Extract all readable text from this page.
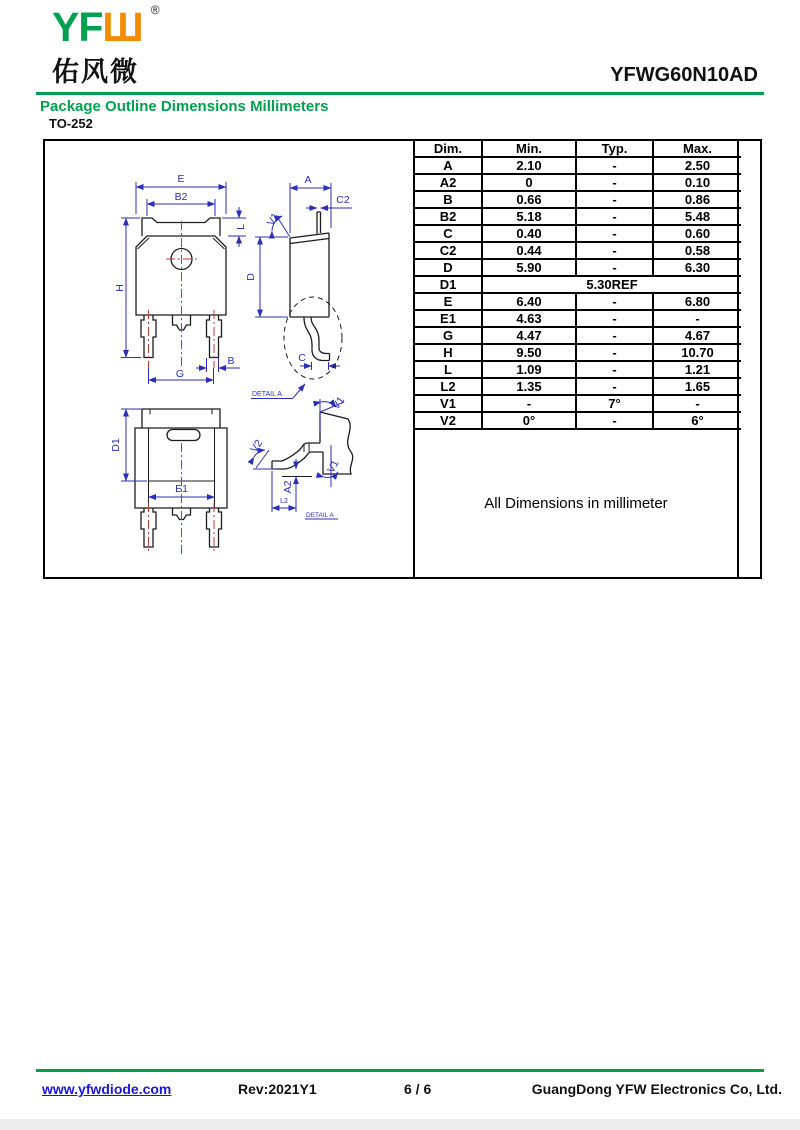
YFШ ®
佑风微	YFWG60N10AD
Package Outline Dimensions Millimeters
TO-252
Dim.	Min.	Typ.	Max.
A	2.10	-	2.50
A2	0	-	0.10
B	0.66	-	0.86
B2	5.18	-	5.48
C	0.40	-	0.60
C2	0.44	-	0.58
D	5.90	-	6.30
D1	5.30REF		
E	6.40	-	6.80
E1	4.63	-	-
G	4.47	-	4.67
H	9.50	-	10.70
L	1.09	-	1.21
L2	1.35	-	1.65
V1	-	7°	-
V2	0°	-	6°
All Dimensions in millimeter
E
B2
H
L
G
B
A
C2
V1
D
C
DETAIL A
D1
E1
V1
V1
V2
A2
L2
DETAIL A
www.yfwdiode.com	Rev:2021Y1	6 / 6	GuangDong YFW Electronics Co, Ltd.
